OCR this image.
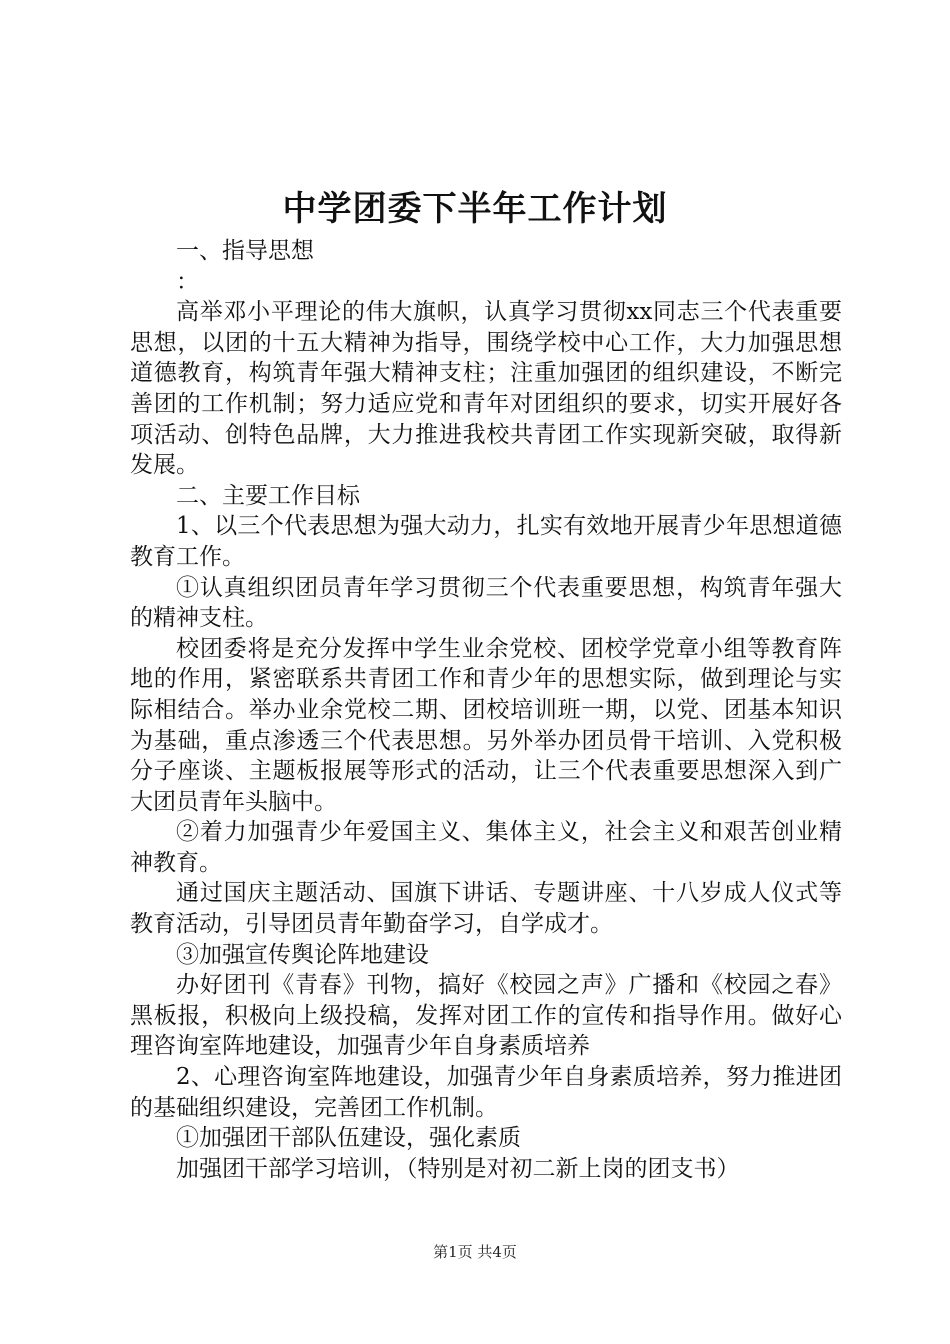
中学团委下半年工作计划

一、指导思想

：

高举邓小平理论的伟大旗帜，认真学习贯彻xx同志三个代表重要思想，以团的十五大精神为指导，围绕学校中心工作，大力加强思想道德教育，构筑青年强大精神支柱；注重加强团的组织建设，不断完善团的工作机制；努力适应党和青年对团组织的要求，切实开展好各项活动、创特色品牌，大力推进我校共青团工作实现新突破，取得新发展。

二、主要工作目标

1、以三个代表思想为强大动力，扎实有效地开展青少年思想道德教育工作。

①认真组织团员青年学习贯彻三个代表重要思想，构筑青年强大的精神支柱。

校团委将是充分发挥中学生业余党校、团校学党章小组等教育阵地的作用，紧密联系共青团工作和青少年的思想实际，做到理论与实际相结合。举办业余党校二期、团校培训班一期，以党、团基本知识为基础，重点渗透三个代表思想。另外举办团员骨干培训、入党积极分子座谈、主题板报展等形式的活动，让三个代表重要思想深入到广大团员青年头脑中。

②着力加强青少年爱国主义、集体主义，社会主义和艰苦创业精神教育。

通过国庆主题活动、国旗下讲话、专题讲座、十八岁成人仪式等教育活动，引导团员青年勤奋学习，自学成才。

③加强宣传舆论阵地建设

办好团刊《青春》刊物，搞好《校园之声》广播和《校园之春》黑板报，积极向上级投稿，发挥对团工作的宣传和指导作用。做好心理咨询室阵地建设，加强青少年自身素质培养

2、心理咨询室阵地建设，加强青少年自身素质培养，努力推进团的基础组织建设，完善团工作机制。

①加强团干部队伍建设，强化素质

加强团干部学习培训，（特别是对初二新上岗的团支书）

第1页 共4页
